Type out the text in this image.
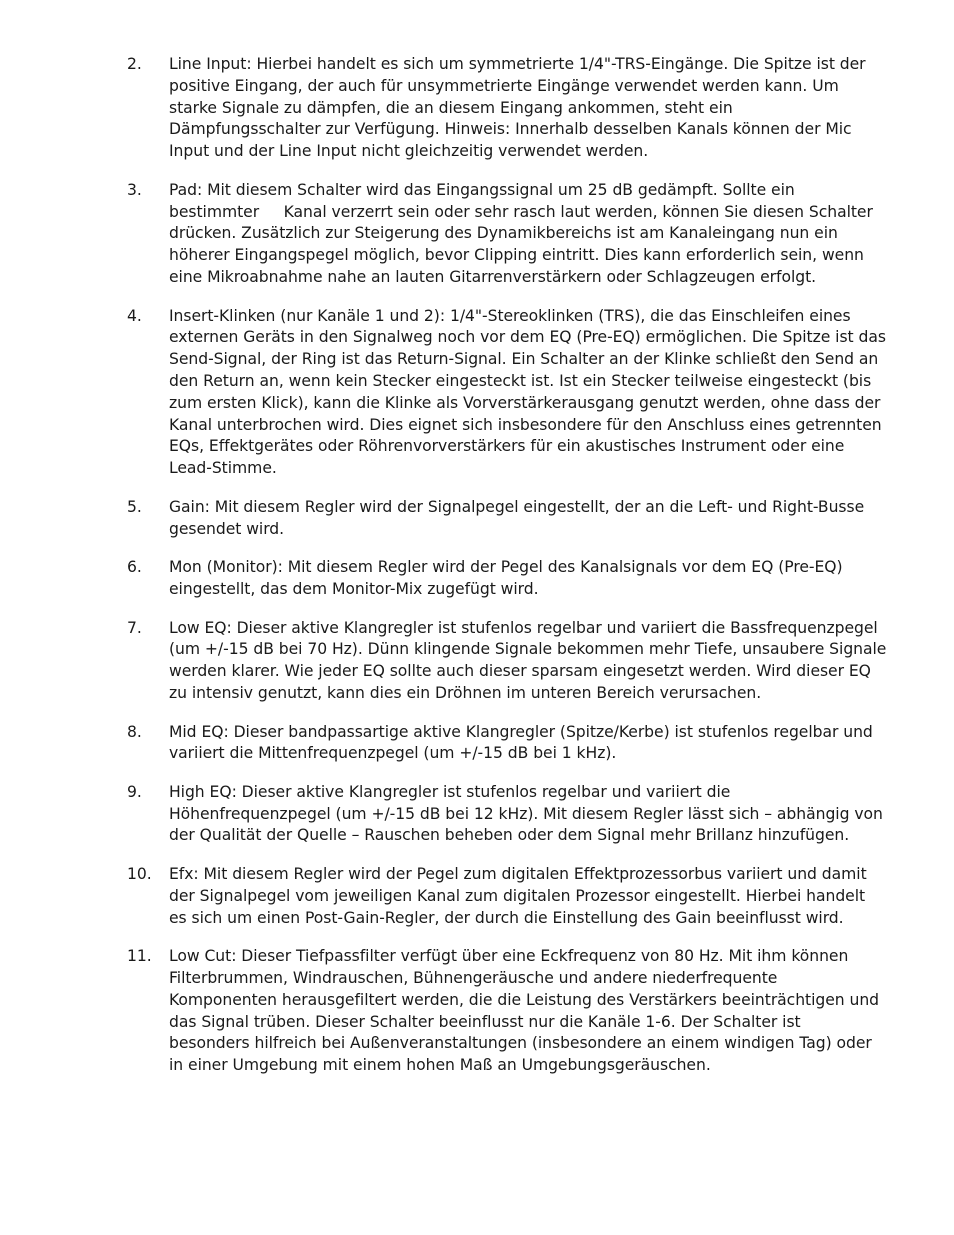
2.	Line Input: Hierbei handelt es sich um symmetrierte 1/4"-TRS-Eingänge. Die Spitze ist der
positive Eingang, der auch für unsymmetrierte Eingänge verwendet werden kann. Um
starke Signale zu dämpfen, die an diesem Eingang ankommen, steht ein
Dämpfungsschalter zur Verfügung. Hinweis: Innerhalb desselben Kanals können der Mic
Input und der Line Input nicht gleichzeitig verwendet werden.
3.	Pad: Mit diesem Schalter wird das Eingangssignal um 25 dB gedämpft. Sollte ein
bestimmter     Kanal verzerrt sein oder sehr rasch laut werden, können Sie diesen Schalter
drücken. Zusätzlich zur Steigerung des Dynamikbereichs ist am Kanaleingang nun ein
höherer Eingangspegel möglich, bevor Clipping eintritt. Dies kann erforderlich sein, wenn
eine Mikroabnahme nahe an lauten Gitarrenverstärkern oder Schlagzeugen erfolgt.
4.	Insert-Klinken (nur Kanäle 1 und 2): 1/4"-Stereoklinken (TRS), die das Einschleifen eines
externen Geräts in den Signalweg noch vor dem EQ (Pre-EQ) ermöglichen. Die Spitze ist das
Send-Signal, der Ring ist das Return-Signal. Ein Schalter an der Klinke schließt den Send an
den Return an, wenn kein Stecker eingesteckt ist. Ist ein Stecker teilweise eingesteckt (bis
zum ersten Klick), kann die Klinke als Vorverstärkerausgang genutzt werden, ohne dass der
Kanal unterbrochen wird. Dies eignet sich insbesondere für den Anschluss eines getrennten
EQs, Effektgerätes oder Röhrenvorverstärkers für ein akustisches Instrument oder eine
Lead-Stimme.
5.	Gain: Mit diesem Regler wird der Signalpegel eingestellt, der an die Left- und Right-Busse
gesendet wird.
6.	Mon (Monitor): Mit diesem Regler wird der Pegel des Kanalsignals vor dem EQ (Pre-EQ)
eingestellt, das dem Monitor-Mix zugefügt wird.
7.	Low EQ: Dieser aktive Klangregler ist stufenlos regelbar und variiert die Bassfrequenzpegel
(um +/-15 dB bei 70 Hz). Dünn klingende Signale bekommen mehr Tiefe, unsaubere Signale
werden klarer. Wie jeder EQ sollte auch dieser sparsam eingesetzt werden. Wird dieser EQ
zu intensiv genutzt, kann dies ein Dröhnen im unteren Bereich verursachen.
8.	Mid EQ: Dieser bandpassartige aktive Klangregler (Spitze/Kerbe) ist stufenlos regelbar und
variiert die Mittenfrequenzpegel (um +/-15 dB bei 1 kHz).
9.	High EQ: Dieser aktive Klangregler ist stufenlos regelbar und variiert die
Höhenfrequenzpegel (um +/-15 dB bei 12 kHz). Mit diesem Regler lässt sich – abhängig von
der Qualität der Quelle – Rauschen beheben oder dem Signal mehr Brillanz hinzufügen.
10.	Efx: Mit diesem Regler wird der Pegel zum digitalen Effektprozessorbus variiert und damit
der Signalpegel vom jeweiligen Kanal zum digitalen Prozessor eingestellt. Hierbei handelt
es sich um einen Post-Gain-Regler, der durch die Einstellung des Gain beeinflusst wird.
11.	Low Cut: Dieser Tiefpassfilter verfügt über eine Eckfrequenz von 80 Hz. Mit ihm können
Filterbrummen, Windrauschen, Bühnengeräusche und andere niederfrequente
Komponenten herausgefiltert werden, die die Leistung des Verstärkers beeinträchtigen und
das Signal trüben. Dieser Schalter beeinflusst nur die Kanäle 1-6. Der Schalter ist
besonders hilfreich bei Außenveranstaltungen (insbesondere an einem windigen Tag) oder
in einer Umgebung mit einem hohen Maß an Umgebungsgeräuschen.
